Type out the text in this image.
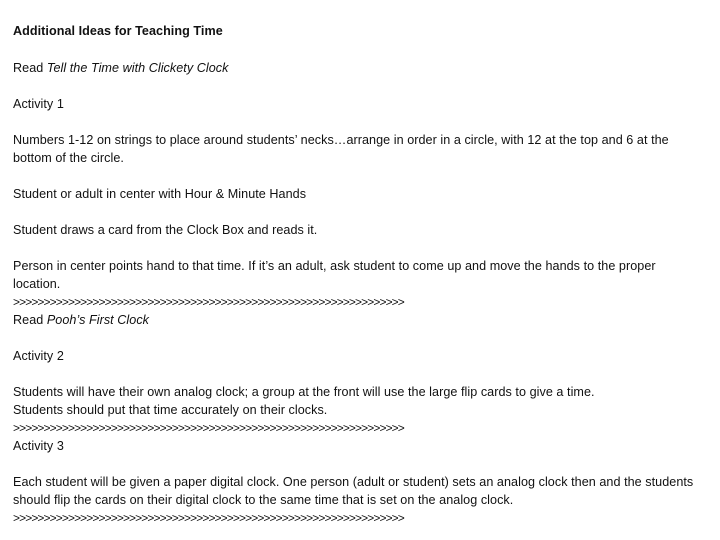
Additional Ideas for Teaching Time
Read Tell the Time with Clickety Clock
Activity 1
Numbers 1-12 on strings to place around students’ necks…arrange in order in a circle, with 12 at the top and 6 at the bottom of the circle.
Student or adult in center with Hour & Minute Hands
Student draws a card from the Clock Box and reads it.
Person in center points hand to that time. If it’s an adult, ask student to come up and move the hands to the proper location.
>>>>>>>>>>>>>>>>>>>>>>>>>>>>>>>>>>>>>>>>>>>>>>>>>>>>>>>>>>>>>>>>
Read Pooh’s First Clock
Activity 2
Students will have their own analog clock; a group at the front will use the large flip cards to give a time.
Students should put that time accurately on their clocks.
>>>>>>>>>>>>>>>>>>>>>>>>>>>>>>>>>>>>>>>>>>>>>>>>>>>>>>>>>>>>>>>>
Activity 3
Each student will be given a paper digital clock. One person (adult or student) sets an analog clock then and the students should flip the cards on their digital clock to the same time that is set on the analog clock.
>>>>>>>>>>>>>>>>>>>>>>>>>>>>>>>>>>>>>>>>>>>>>>>>>>>>>>>>>>>>>>>>
